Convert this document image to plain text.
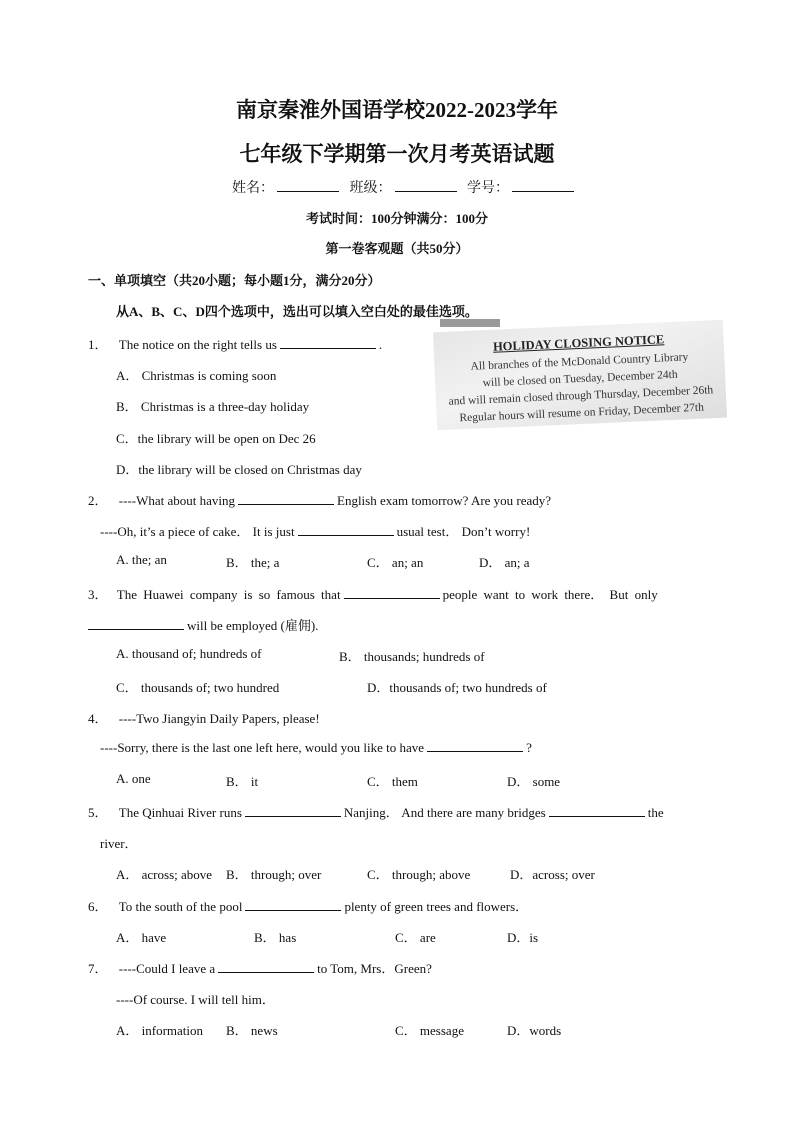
南京秦淮外国语学校2022-2023学年
七年级下学期第一次月考英语试题
姓名：	班级：	学号：
考试时间：100分钟满分：100分
第一卷客观题（共50分）
一、单项填空（共20小题；每小题1分，满分20分）
从A、B、C、D四个选项中，选出可以填入空白处的最佳选项。
HOLIDAY CLOSING NOTICE
All branches of the McDonald Country Library
will be closed on Tuesday, December 24th
and will remain closed through Thursday, December 26th
Regular hours will resume on Friday, December 27th
1． The notice on the right tells us	.
A． Christmas is coming soon
B． Christmas is a three-day holiday
C．the library will be open on Dec 26
D．the library will be closed on Christmas day
2． ----What about having	English exam tomorrow? Are you ready?
----Oh, it’s a piece of cake． It is just	usual test． Don’t worry!
A. the; an	B． the; a	C． an; an	D． an; a
3． The Huawei company is so famous that	people want to work there． But only
will be employed (雇佣).
A. thousand of; hundreds of	B． thousands; hundreds of
C． thousands of; two hundred	D．thousands of; two hundreds of
4． ----Two Jiangyin Daily Papers, please!
----Sorry, there is the last one left here, would you like to have	?
A. one	B． it	C． them	D． some
5． The Qinhuai River runs	Nanjing． And there are many bridges	the
river．
A． across; above B． through; over	C． through; above	D．across; over
6． To the south of the pool	plenty of green trees and flowers．
A． have	B． has	C． are	D．is
7． ----Could I leave a	to Tom, Mrs．Green?
----Of course. I will tell him．
A． information B． news	C． message	D．words
